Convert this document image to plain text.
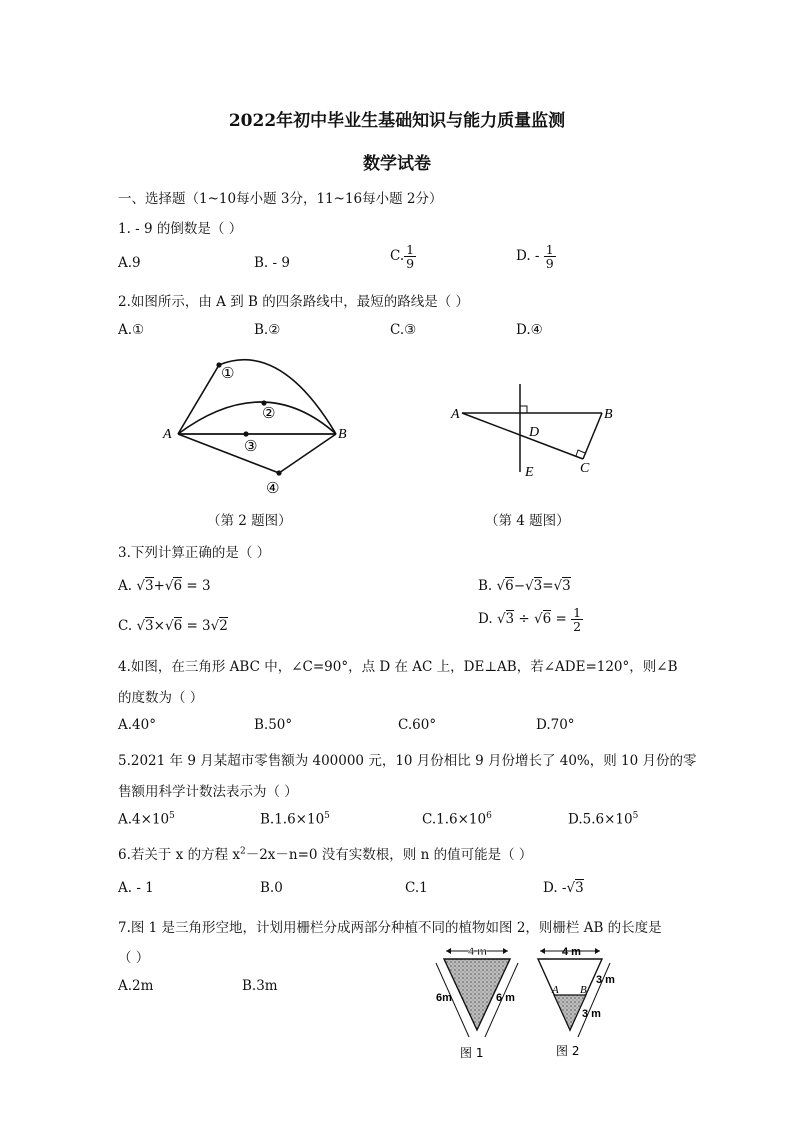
2022年初中毕业生基础知识与能力质量监测
数学试卷
一、选择题（1~10每小题 3分，11~16每小题 2分）
1. - 9 的倒数是（ ）
A.9	B. - 9	C. $\frac{1}{9}$	D. - $\frac{1}{9}$
2.如图所示，由 A 到 B 的四条路线中，最短的路线是（ ）
A.①	B.②	C.③	D.④
A	B
①
②
③
④
（第 2 题图）
A	B
C
D
E
（第 4 题图）
3.下列计算正确的是（ ）
A. √3+√6 = 3	B. √6−√3=√3
C. √3×√6 = 3√2	D. $√3 \div √6 = \frac{1}{2}$
4.如图，在三角形 ABC 中，∠C=90°，点 D 在 AC 上，DE⊥AB，若∠ADE=120°，则∠B
的度数为（ ）
A.40°	B.50°	C.60°	D.70°
5.2021 年 9 月某超市零售额为 400000 元，10 月份相比 9 月份增长了 40%，则 10 月份的零
售额用科学计数法表示为（ ）
$A.4\times 10^5$	$B.1.6\times 10^5$	$C.1.6\times 10^6$	$D.5.6\times 10^5$
6.若关于 x 的方程 $x^2-2x-n=0$ 没有实数根，则 n 的值可能是（ ）
A. - 1	B.0	C.1	D. -√3
7.图 1 是三角形空地，计划用栅栏分成两部分种植不同的植物如图 2，则栅栏 AB 的长度是
（ ）
A.2m	B.3m
4 m
6m	6 m
图 1
4 m
3 m
3 m
A B
图 2
